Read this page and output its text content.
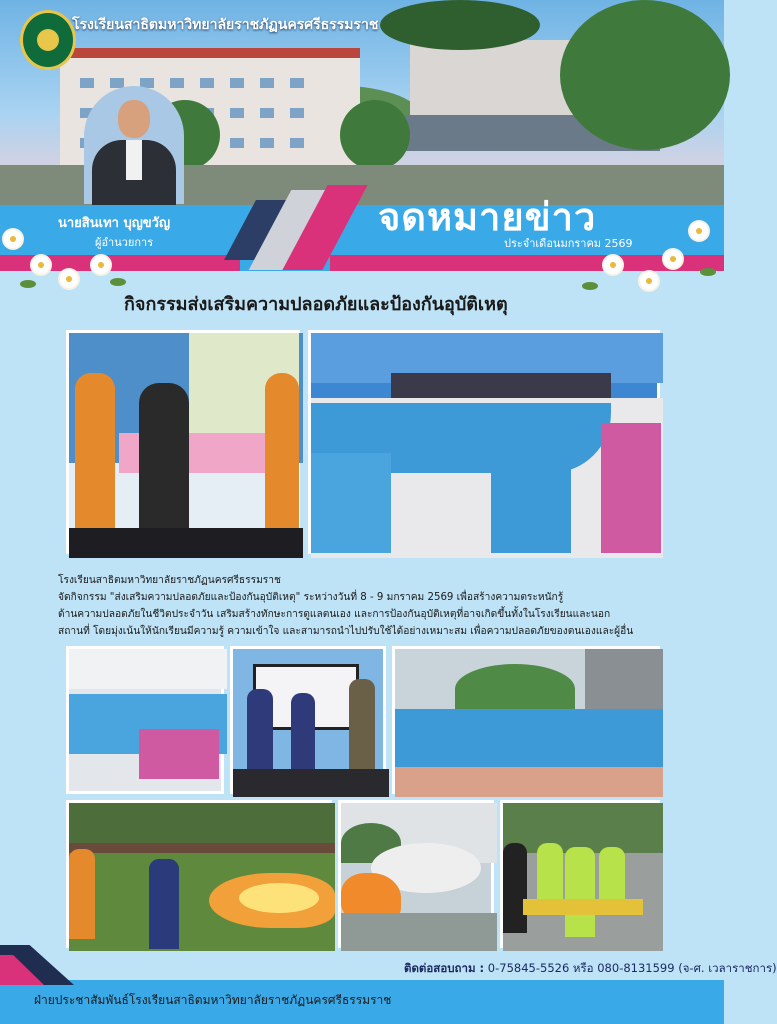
โรงเรียนสาธิตมหาวิทยาลัยราชภัฏนครศรีธรรมราช
นายสินเทา บุญขวัญ
ผู้อำนวยการ
จดหมายข่าว
ประจำเดือนมกราคม 2569
กิจกรรมส่งเสริมความปลอดภัยและป้องกันอุบัติเหตุ
โรงเรียนสาธิตมหาวิทยาลัยราชภัฏนครศรีธรรมราช
จัดกิจกรรม "ส่งเสริมความปลอดภัยและป้องกันอุบัติเหตุ" ระหว่างวันที่ 8 - 9 มกราคม 2569 เพื่อสร้างความตระหนักรู้
ด้านความปลอดภัยในชีวิตประจำวัน เสริมสร้างทักษะการดูแลตนเอง และการป้องกันอุบัติเหตุที่อาจเกิดขึ้นทั้งในโรงเรียนและนอก
สถานที่ โดยมุ่งเน้นให้นักเรียนมีความรู้ ความเข้าใจ และสามารถนำไปปรับใช้ได้อย่างเหมาะสม เพื่อความปลอดภัยของตนเองและผู้อื่น
ติดต่อสอบถาม : 0-75845-5526 หรือ 080-8131599 (จ-ศ. เวลาราชการ)
ฝ่ายประชาสัมพันธ์โรงเรียนสาธิตมหาวิทยาลัยราชภัฏนครศรีธรรมราช
